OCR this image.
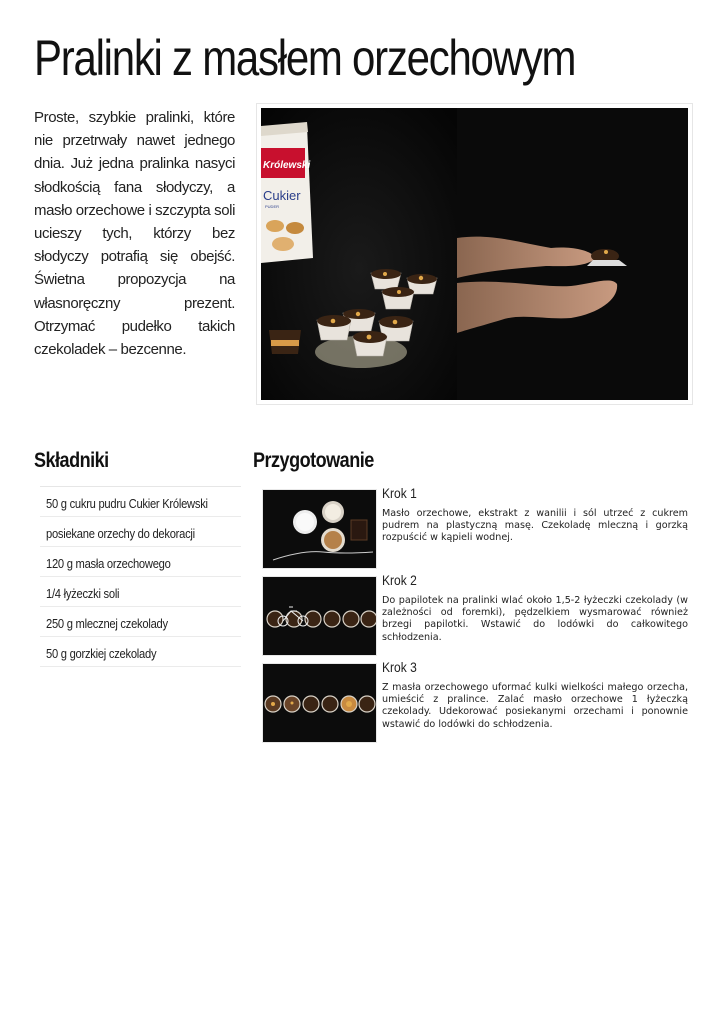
Pralinki z masłem orzechowym

Proste, szybkie pralinki, które nie przetrwały nawet jednego dnia. Już jedna pralinka nasyci słodkością fana słodyczy, a masło orzechowe i szczypta soli ucieszy tych, którzy bez słodyczy potrafią się obejść. Świetna propozycja na własnoręczny prezent. Otrzymać pudełko takich czekoladek – bezcenne.

Królewski
Cukier
PUDER
Składniki	Przygotowanie
50 g cukru pudru Cukier Królewski
posiekane orzechy do dekoracji
120 g masła orzechowego
1/4 łyżeczki soli
250 g mlecznej czekolady
50 g gorzkiej czekolady
Krok 1
Masło orzechowe, ekstrakt z wanilii i sól utrzeć z cukrem pudrem na plastyczną masę. Czekoladę mleczną i gorzką rozpuścić w kąpieli wodnej.
Krok 2
Do papilotek na pralinki wlać około 1,5-2 łyżeczki czekolady (w zależności od foremki), pędzelkiem wysmarować również brzegi papilotki. Wstawić do lodówki do całkowitego schłodzenia.
Krok 3
Z masła orzechowego uformać kulki wielkości małego orzecha, umieścić z pralince. Zalać masło orzechowe 1 łyżeczką czekolady. Udekorować posiekanymi orzechami i ponownie wstawić do lodówki do schłodzenia.
